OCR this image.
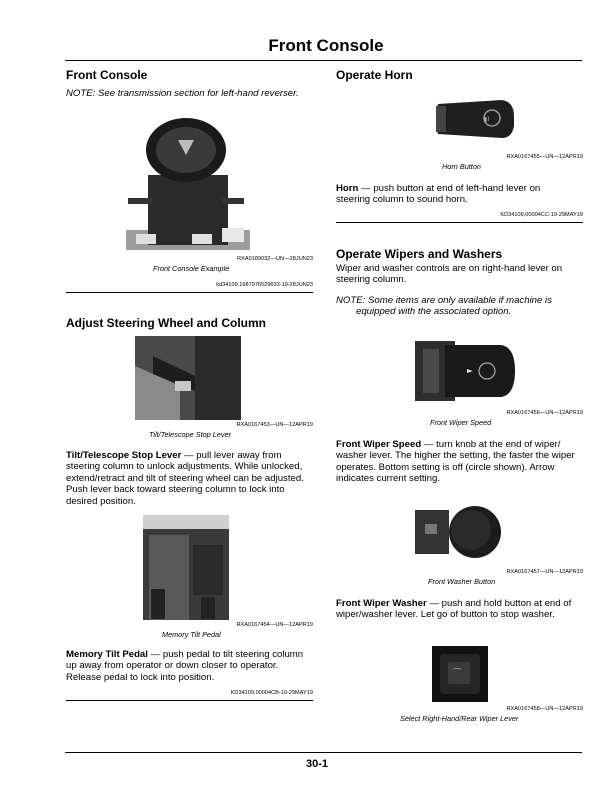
Front Console
Front Console
NOTE: See transmission section for left-hand reverser.
RXA0189032—UN—28JUN23
Front Console Example
kd34109,1687976529633-19-28JUN23
Adjust Steering Wheel and Column
RXA0167453—UN—12APR19
Tilt/Telescope Stop Lever
Tilt/Telescope Stop Lever — pull lever away from
steering column to unlock adjustments. While unlocked,
extend/retract and tilt of steering wheel can be adjusted.
Push lever back toward steering column to lock into
desired position.
RXA0167454—UN—12APR19
Memory Tilt Pedal
Memory Tilt Pedal — push pedal to tilt steering column
up away from operator or down closer to operator.
Release pedal to lock into position.
KD34109,00004CB-19-29MAY19
Operate Horn
◖)
RXA0167455—UN—12APR19
Horn Button
Horn — push button at end of left-hand lever on
steering column to sound horn.
KD34109,00004CC-19-29MAY19
Operate Wipers and Washers
Wiper and washer controls are on right-hand lever on
steering column.
NOTE: Some items are only available if machine is
equipped with the associated option.
RXA0167456—UN—12APR19
Front Wiper Speed
Front Wiper Speed — turn knob at the end of wiper/
washer lever. The higher the setting, the faster the wiper
operates. Bottom setting is off (circle shown). Arrow
indicates current setting.
RXA0167457—UN—12APR19
Front Washer Button
Front Wiper Washer — push and hold button at end of
wiper/washer lever. Let go of button to stop washer.
⌒
RXA0167458—UN—12APR19
Select Right-Hand/Rear Wiper Lever
30-1
